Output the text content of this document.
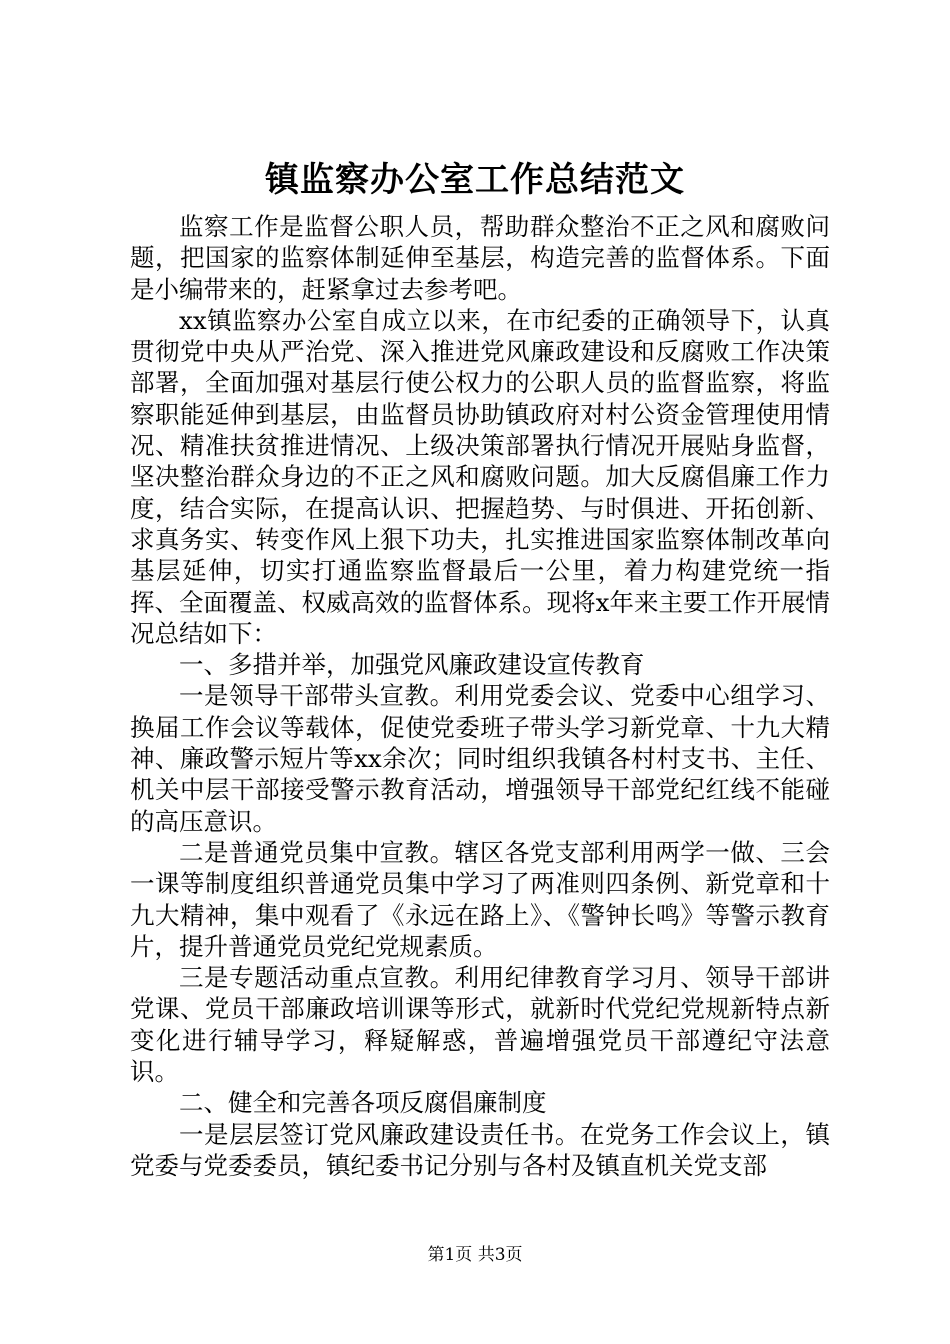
镇监察办公室工作总结范文

监察工作是监督公职人员，帮助群众整治不正之风和腐败问题，把国家的监察体制延伸至基层，构造完善的监督体系。下面是小编带来的，赶紧拿过去参考吧。

xx镇监察办公室自成立以来，在市纪委的正确领导下，认真贯彻党中央从严治党、深入推进党风廉政建设和反腐败工作决策部署，全面加强对基层行使公权力的公职人员的监督监察，将监察职能延伸到基层，由监督员协助镇政府对村公资金管理使用情况、精准扶贫推进情况、上级决策部署执行情况开展贴身监督，坚决整治群众身边的不正之风和腐败问题。加大反腐倡廉工作力度，结合实际，在提高认识、把握趋势、与时俱进、开拓创新、求真务实、转变作风上狠下功夫，扎实推进国家监察体制改革向基层延伸，切实打通监察监督最后一公里，着力构建党统一指挥、全面覆盖、权威高效的监督体系。现将x年来主要工作开展情况总结如下：

一、多措并举，加强党风廉政建设宣传教育

一是领导干部带头宣教。利用党委会议、党委中心组学习、换届工作会议等载体，促使党委班子带头学习新党章、十九大精神、廉政警示短片等xx余次；同时组织我镇各村村支书、主任、机关中层干部接受警示教育活动，增强领导干部党纪红线不能碰的高压意识。

二是普通党员集中宣教。辖区各党支部利用两学一做、三会一课等制度组织普通党员集中学习了两准则四条例、新党章和十九大精神，集中观看了《永远在路上》、《警钟长鸣》等警示教育片，提升普通党员党纪党规素质。

三是专题活动重点宣教。利用纪律教育学习月、领导干部讲党课、党员干部廉政培训课等形式，就新时代党纪党规新特点新变化进行辅导学习，释疑解惑，普遍增强党员干部遵纪守法意识。

二、健全和完善各项反腐倡廉制度

一是层层签订党风廉政建设责任书。在党务工作会议上，镇党委与党委委员，镇纪委书记分别与各村及镇直机关党支部

第1页 共3页
